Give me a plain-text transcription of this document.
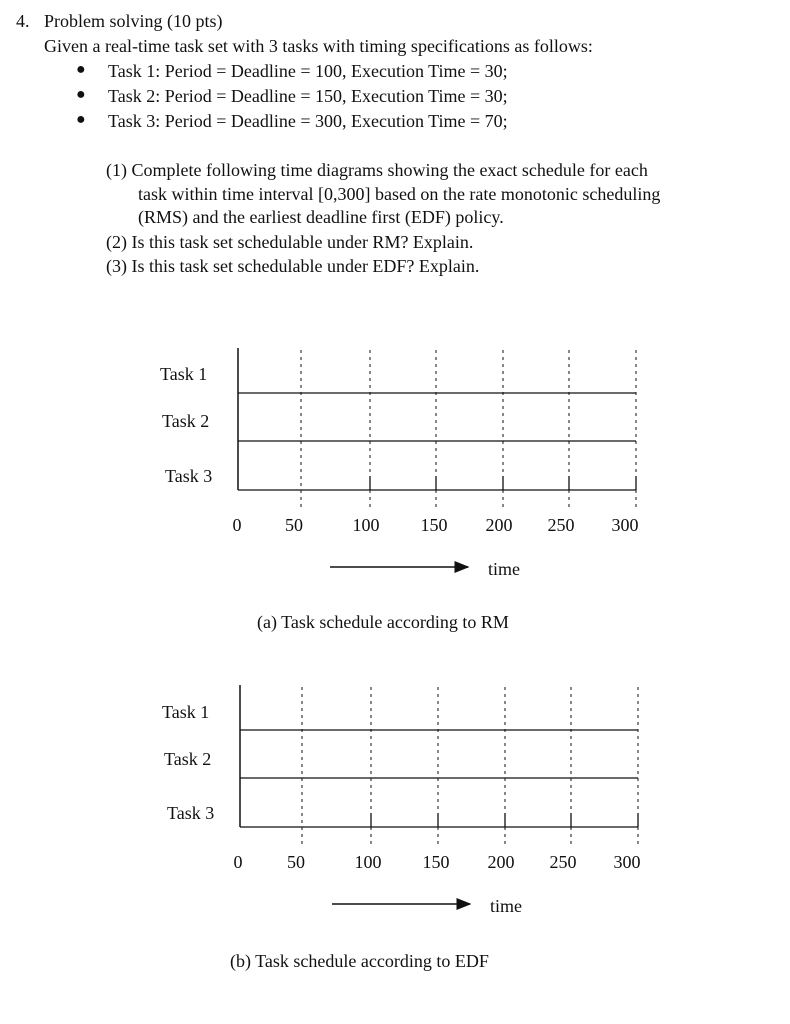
4. Problem solving (10 pts)
Given a real-time task set with 3 tasks with timing specifications as follows:
● Task 1: Period = Deadline = 100, Execution Time = 30;
● Task 2: Period = Deadline = 150, Execution Time = 30;
● Task 3: Period = Deadline = 300, Execution Time = 70;
(1) Complete following time diagrams showing the exact schedule for each
task within time interval [0,300] based on the rate monotonic scheduling
(RMS) and the earliest deadline first (EDF) policy.
(2) Is this task set schedulable under RM? Explain.
(3) Is this task set schedulable under EDF? Explain.
Task 1
Task 2
Task 3
0 50	100 150 200 250 300
time
(a) Task schedule according to RM
Task 1
Task 2
Task 3
0 50	100 150 200 250 300
time
(b) Task schedule according to EDF
